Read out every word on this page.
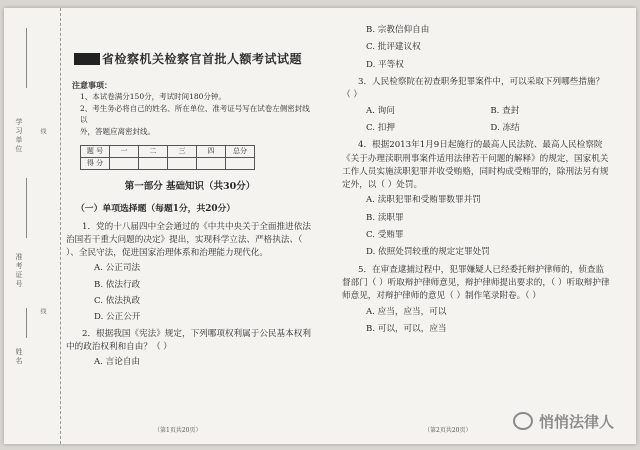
学习单位
准考证号
姓名
线
线
省检察机关检察官首批人额考试试题
注意事项：
1、本试卷满分150分，考试时间180分钟。
2、考生务必将自己的姓名、所在单位、准考证号写在试卷左侧密封线以
外，答题应离密封线。
题 号	一	二	三	四	总分
得 分					
第一部分 基础知识（共30分）
（一）单项选择题（每题1分，共20分）
1．党的十八届四中全会通过的《中共中央关于全面推进依法治国若干重大问题的决定》提出，实现科学立法、严格执法、（ ）、全民守法，促进国家治理体系和治理能力现代化。
A. 公正司法
B. 依法行政
C. 依法执政
D. 公正公开
2．根据我国《宪法》规定，下列哪项权利属于公民基本权利中的政治权利和自由？（ ）
A. 言论自由
（第1页共20页）
B. 宗教信仰自由
C. 批评建议权
D. 平等权
3．人民检察院在初查职务犯罪案件中，可以采取下列哪些措施？（ ）
A. 询问	B. 查封
C. 扣押	D. 冻结
4．根据2013年1月9日起施行的最高人民法院、最高人民检察院《关于办理渎职刑事案件适用法律若干问题的解释》的规定，国家机关工作人员实施渎职犯罪并收受贿赂，同时构成受贿罪的，除刑法另有规定外，以（ ）处罚。
A. 渎职犯罪和受贿罪数罪并罚
B. 渎职罪
C. 受贿罪
D. 依照处罚较重的规定定罪处罚
5．在审查逮捕过程中，犯罪嫌疑人已经委托辩护律师的，侦查监督部门（ ）听取辩护律师意见，辩护律师提出要求的，（ ）听取辩护律师意见，对辩护律师的意见（ ）制作笔录附卷。（ ）
A. 应当，应当，可以
B. 可以，可以，应当
（第2页共20页）	悄悄法律人
